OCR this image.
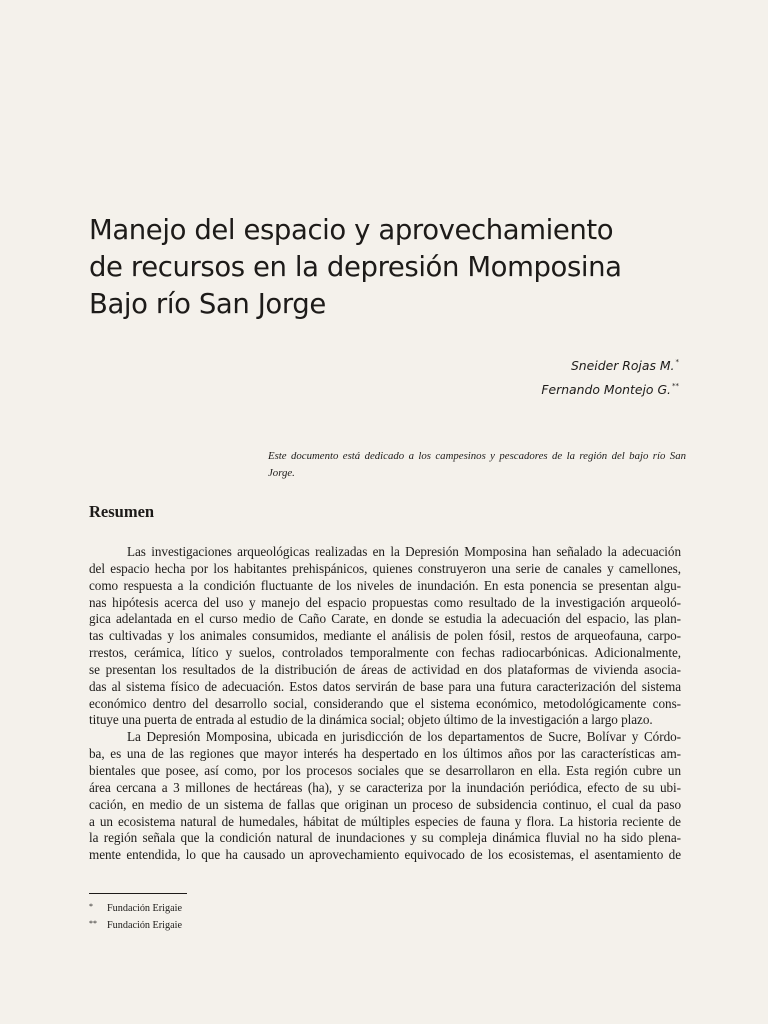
Manejo del espacio y aprovechamiento
de recursos en la depresión Momposina
Bajo río San Jorge
Sneider Rojas M.*
Fernando Montejo G.**

Este documento está dedicado a los campesinos y pescadores de la región del bajo río San Jorge.

Resumen
Las investigaciones arqueológicas realizadas en la Depresión Momposina han señalado la adecuación
del espacio hecha por los habitantes prehispánicos, quienes construyeron una serie de canales y camellones,
como respuesta a la condición fluctuante de los niveles de inundación. En esta ponencia se presentan algu-
nas hipótesis acerca del uso y manejo del espacio propuestas como resultado de la investigación arqueoló-
gica adelantada en el curso medio de Caño Carate, en donde se estudia la adecuación del espacio, las plan-
tas cultivadas y los animales consumidos, mediante el análisis de polen fósil, restos de arqueofauna, carpo-
rrestos, cerámica, lítico y suelos, controlados temporalmente con fechas radiocarbónicas. Adicionalmente,
se presentan los resultados de la distribución de áreas de actividad en dos plataformas de vivienda asocia-
das al sistema físico de adecuación. Estos datos servirán de base para una futura caracterización del sistema
económico dentro del desarrollo social, considerando que el sistema económico, metodológicamente cons-
tituye una puerta de entrada al estudio de la dinámica social; objeto último de la investigación a largo plazo.
La Depresión Momposina, ubicada en jurisdicción de los departamentos de Sucre, Bolívar y Córdo-
ba, es una de las regiones que mayor interés ha despertado en los últimos años por las características am-
bientales que posee, así como, por los procesos sociales que se desarrollaron en ella. Esta región cubre un
área cercana a 3 millones de hectáreas (ha), y se caracteriza por la inundación periódica, efecto de su ubi-
cación, en medio de un sistema de fallas que originan un proceso de subsidencia continuo, el cual da paso
a un ecosistema natural de humedales, hábitat de múltiples especies de fauna y flora. La historia reciente de
la región señala que la condición natural de inundaciones y su compleja dinámica fluvial no ha sido plena-
mente entendida, lo que ha causado un aprovechamiento equivocado de los ecosistemas, el asentamiento de
* Fundación Erigaie
** Fundación Erigaie
